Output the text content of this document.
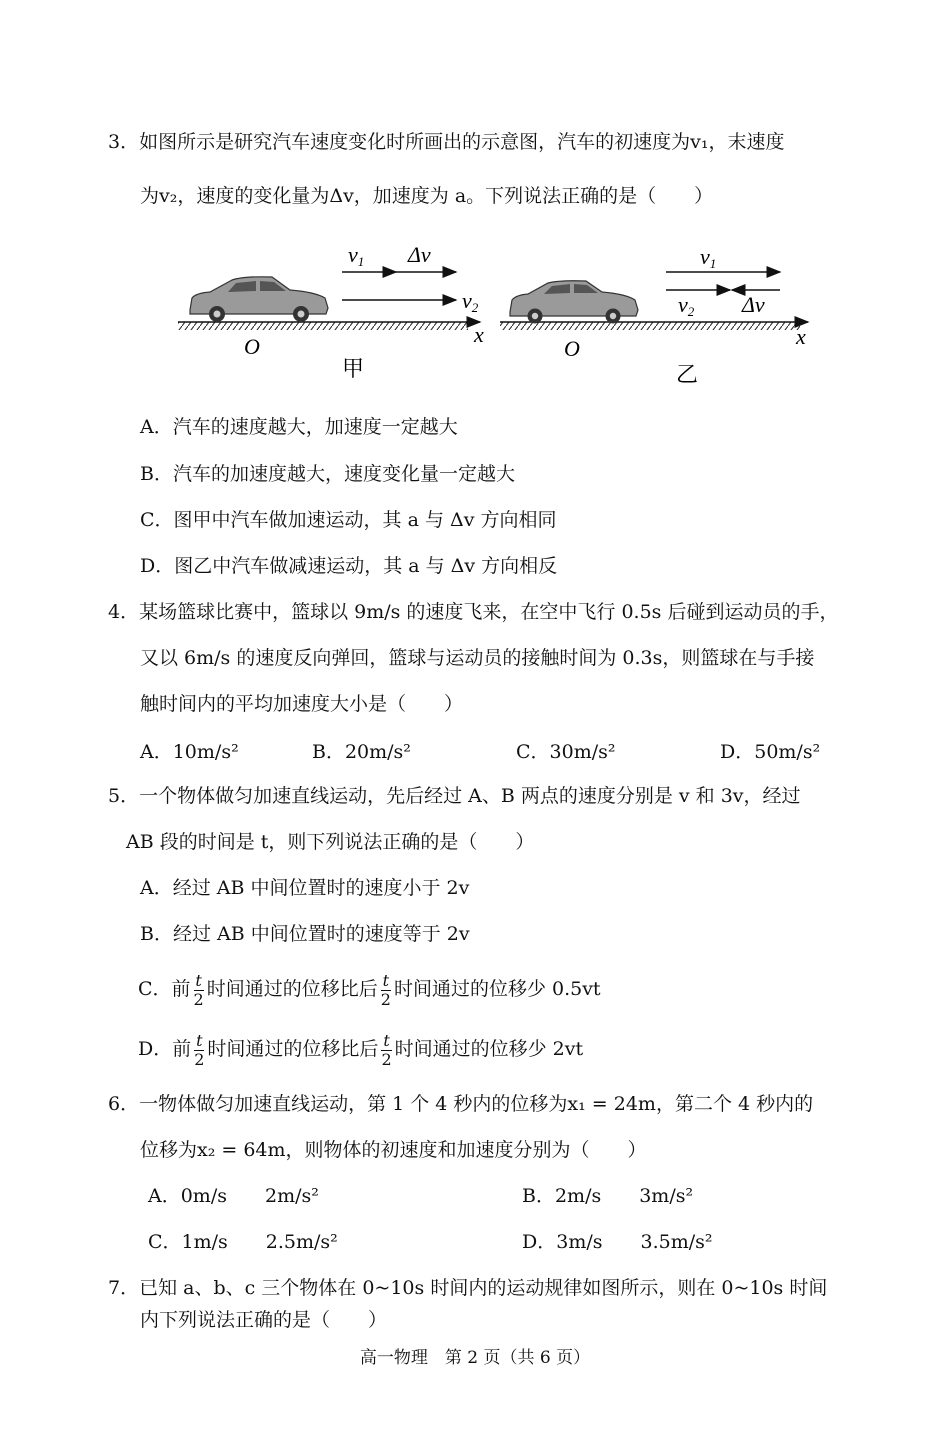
3．如图所示是研究汽车速度变化时所画出的示意图，汽车的初速度为v₁，末速度
为v₂，速度的变化量为Δv，加速度为 a。下列说法正确的是（　　）
v1 Δv
v2
O	x
甲
v1
v2 Δv
O	x
乙
A．汽车的速度越大，加速度一定越大
B．汽车的加速度越大，速度变化量一定越大
C．图甲中汽车做加速运动，其 a 与 Δv 方向相同
D．图乙中汽车做减速运动，其 a 与 Δv 方向相反
4．某场篮球比赛中，篮球以 9m/s 的速度飞来，在空中飞行 0.5s 后碰到运动员的手，
又以 6m/s 的速度反向弹回，篮球与运动员的接触时间为 0.3s，则篮球在与手接
触时间内的平均加速度大小是（　　）
A．10m/s²	B．20m/s²	C．30m/s²	D．50m/s²
5．一个物体做匀加速直线运动，先后经过 A、B 两点的速度分别是 v 和 3v，经过
AB 段的时间是 t，则下列说法正确的是（　　）
A．经过 AB 中间位置时的速度小于 2v
B．经过 AB 中间位置时的速度等于 2v
C．前 $\frac{t}{2}$ 时间通过的位移比后 $\frac{t}{2}$ 时间通过的位移少 0.5vt
D．前 $\frac{t}{2}$ 时间通过的位移比后 $\frac{t}{2}$ 时间通过的位移少 2vt
6．一物体做匀加速直线运动，第 1 个 4 秒内的位移为x₁ = 24m，第二个 4 秒内的
位移为x₂ = 64m，则物体的初速度和加速度分别为（　　）
A．0m/s　　2m/s²	B．2m/s　　3m/s²
C．1m/s　　2.5m/s²	D．3m/s　　3.5m/s²
7．已知 a、b、c 三个物体在 0~10s 时间内的运动规律如图所示，则在 0~10s 时间
内下列说法正确的是（　　）
高一物理　第 2 页（共 6 页）
